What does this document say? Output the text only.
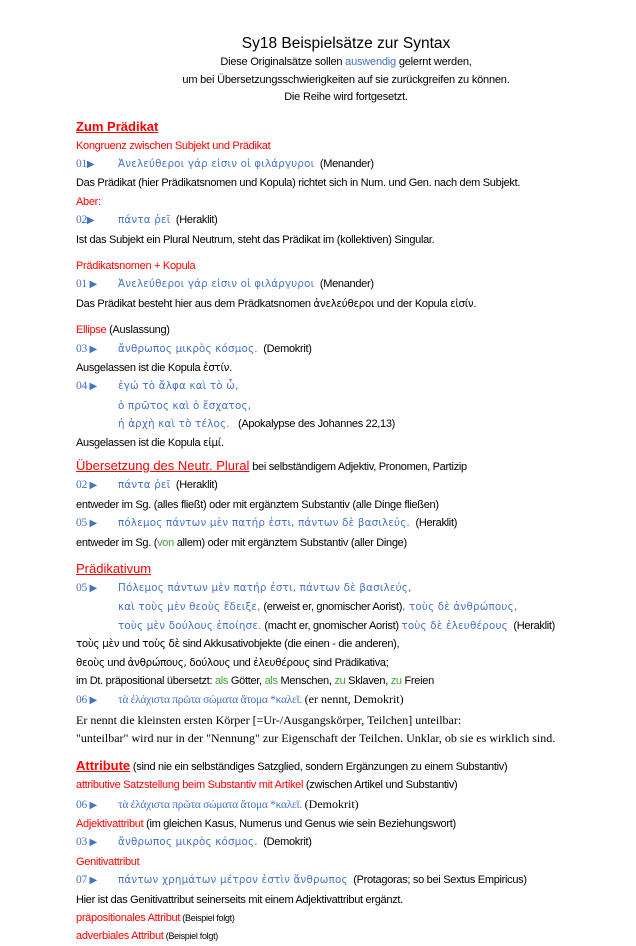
Sy18 Beispielsätze zur Syntax
Diese Originalsätze sollen auswendig gelernt werden,
um bei Übersetzungsschwierigkeiten auf sie zurückgreifen zu können.
Die Reihe wird fortgesetzt.
Zum Prädikat
Kongruenz zwischen Subjekt und Prädikat
01▶ Ἀνελεύθεροι γάρ εἰσιν οἱ φιλάργυροι (Menander)
Das Prädikat (hier Prädikatsnomen und Kopula) richtet sich in Num. und Gen. nach dem Subjekt.
Aber:
02▶ πάντα ῥεῖ (Heraklit)
Ist das Subjekt ein Plural Neutrum, steht das Prädikat im (kollektiven) Singular.
Prädikatsnomen + Kopula
01 ▶ Ἀνελεύθεροι γάρ εἰσιν οἱ φιλάργυροι (Menander)
Das Prädikat besteht hier aus dem Prädkatsnomen ἀνελεύθεροι und der Kopula εἰσίν.
Ellipse (Auslassung)
03 ▶ ἄνθρωπος μικρὸς κόσμος. (Demokrit)
Ausgelassen ist die Kopula ἐστίν.
04 ▶ ἐγώ τὸ ἄλφα καὶ τὸ ὦ,
ὁ πρῶτος καὶ ὁ ἔσχατος,
ἡ ἀρχὴ καὶ τὸ τέλος. (Apokalypse des Johannes 22,13)
Ausgelassen ist die Kopula εἰμί.
Übersetzung des Neutr. Plural bei selbständigem Adjektiv, Pronomen, Partizip
02 ▶ πάντα ῥεῖ (Heraklit)
entweder im Sg. (alles fließt) oder mit ergänztem Substantiv (alle Dinge fließen)
05 ▶ πόλεμος πάντων μὲν πατήρ ἐστι, πάντων δὲ βασιλεύς. (Heraklit)
entweder im Sg. (von allem) oder mit ergänztem Substantiv (aller Dinge)
Prädikativum
05 ▶ Πόλεμος πάντων μὲν πατήρ ἐστι, πάντων δὲ βασιλεύς,
καὶ τοὺς μὲν θεοὺς ἔδειξε, (erweist er, gnomischer Aorist), τοὺς δὲ ἀνθρώπους,
τοὺς μὲν δούλους ἐποίησε. (macht er, gnomischer Aorist) τοὺς δὲ ἐλευθέρους (Heraklit)
τοὺς μὲν und τοὺς δὲ sind Akkusativobjekte (die einen - die anderen),
θεοὺς und ἀνθρώπους, δούλους und ἐλευθέρους sind Prädikativa;
im Dt. präpositional übersetzt: als Götter, als Menschen, zu Sklaven, zu Freien
06 ▶ τὰ ἐλάχιστα πρῶτα σώματα ἄτομα *καλεῖ. (er nennt, Demokrit)
Er nennt die kleinsten ersten Körper [=Ur-/Ausgangskörper, Teilchen] unteilbar:
"unteilbar" wird nur in der "Nennung" zur Eigenschaft der Teilchen. Unklar, ob sie es wirklich sind.
Attribute (sind nie ein selbständiges Satzglied, sondern Ergänzungen zu einem Substantiv)
attributive Satzstellung beim Substantiv mit Artikel (zwischen Artikel und Substantiv)
06 ▶ τὰ ἐλάχιστα πρῶτα σώματα ἄτομα *καλεῖ. (Demokrit)
Adjektivattribut (im gleichen Kasus, Numerus und Genus wie sein Beziehungswort)
03 ▶ ἄνθρωπος μικρὸς κόσμος. (Demokrit)
Genitivattribut
07 ▶ πάντων χρημάτων μέτρον ἐστὶν ἄνθρωπος (Protagoras; so bei Sextus Empiricus)
Hier ist das Genitivattribut seinerseits mit einem Adjektivattribut ergänzt.
präpositionales Attribut (Beispiel folgt)
adverbiales Attribut (Beispiel folgt)
